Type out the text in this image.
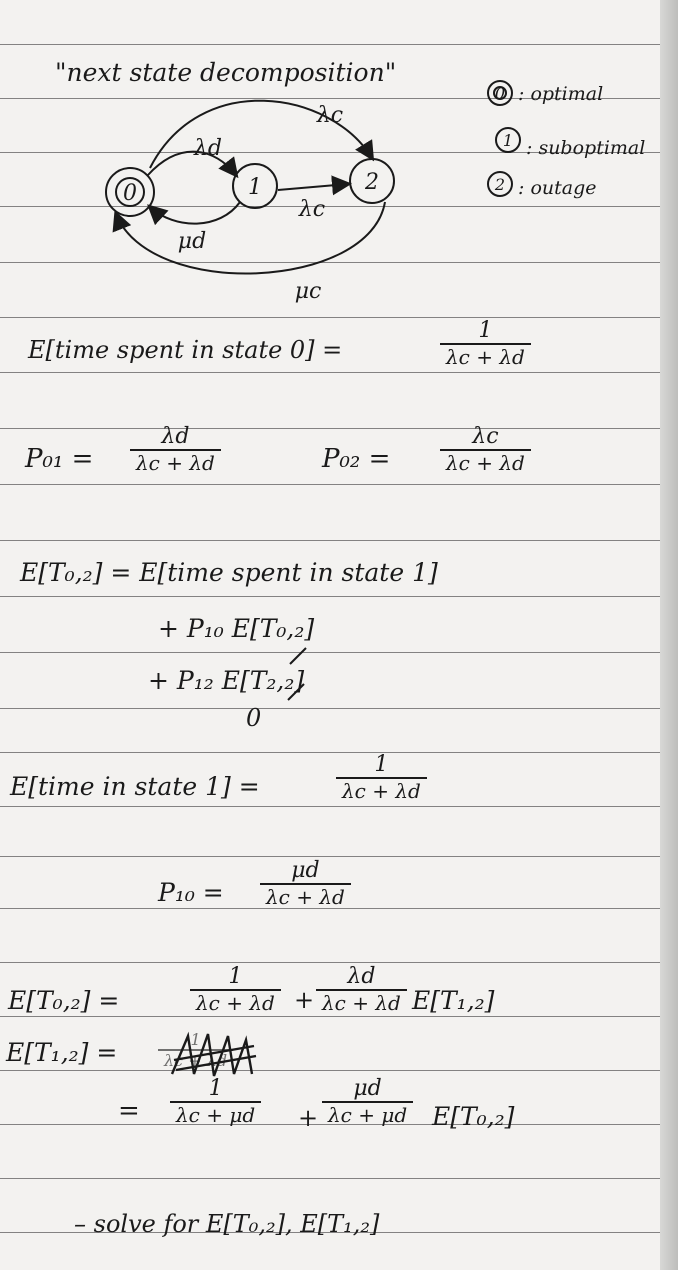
"next state decomposition"
0	1	2
λd
λc
λc
μd
μc
0
1
2
: optimal
: suboptimal
: outage
E[time spent in state 0] =
1
λc + λd
P₀₁ =
λd
λc + λd	P₀₂ =
λc
λc + λd
E[T₀,₂] = E[time spent in state 1]
+ P₁₀ E[T₀,₂]
+ P₁₂ E[T₂,₂]
0
E[time in state 1] =
1
λc + λd
P₁₀ =
μd
λc + λd
E[T₀,₂] =
1
λc + λd +
λd
λc + λd E[T₁,₂]
E[T₁,₂] =	1
λc + λd
=
1
λc + μd +
μd
λc + μd E[T₀,₂]
– solve for E[T₀,₂], E[T₁,₂]
